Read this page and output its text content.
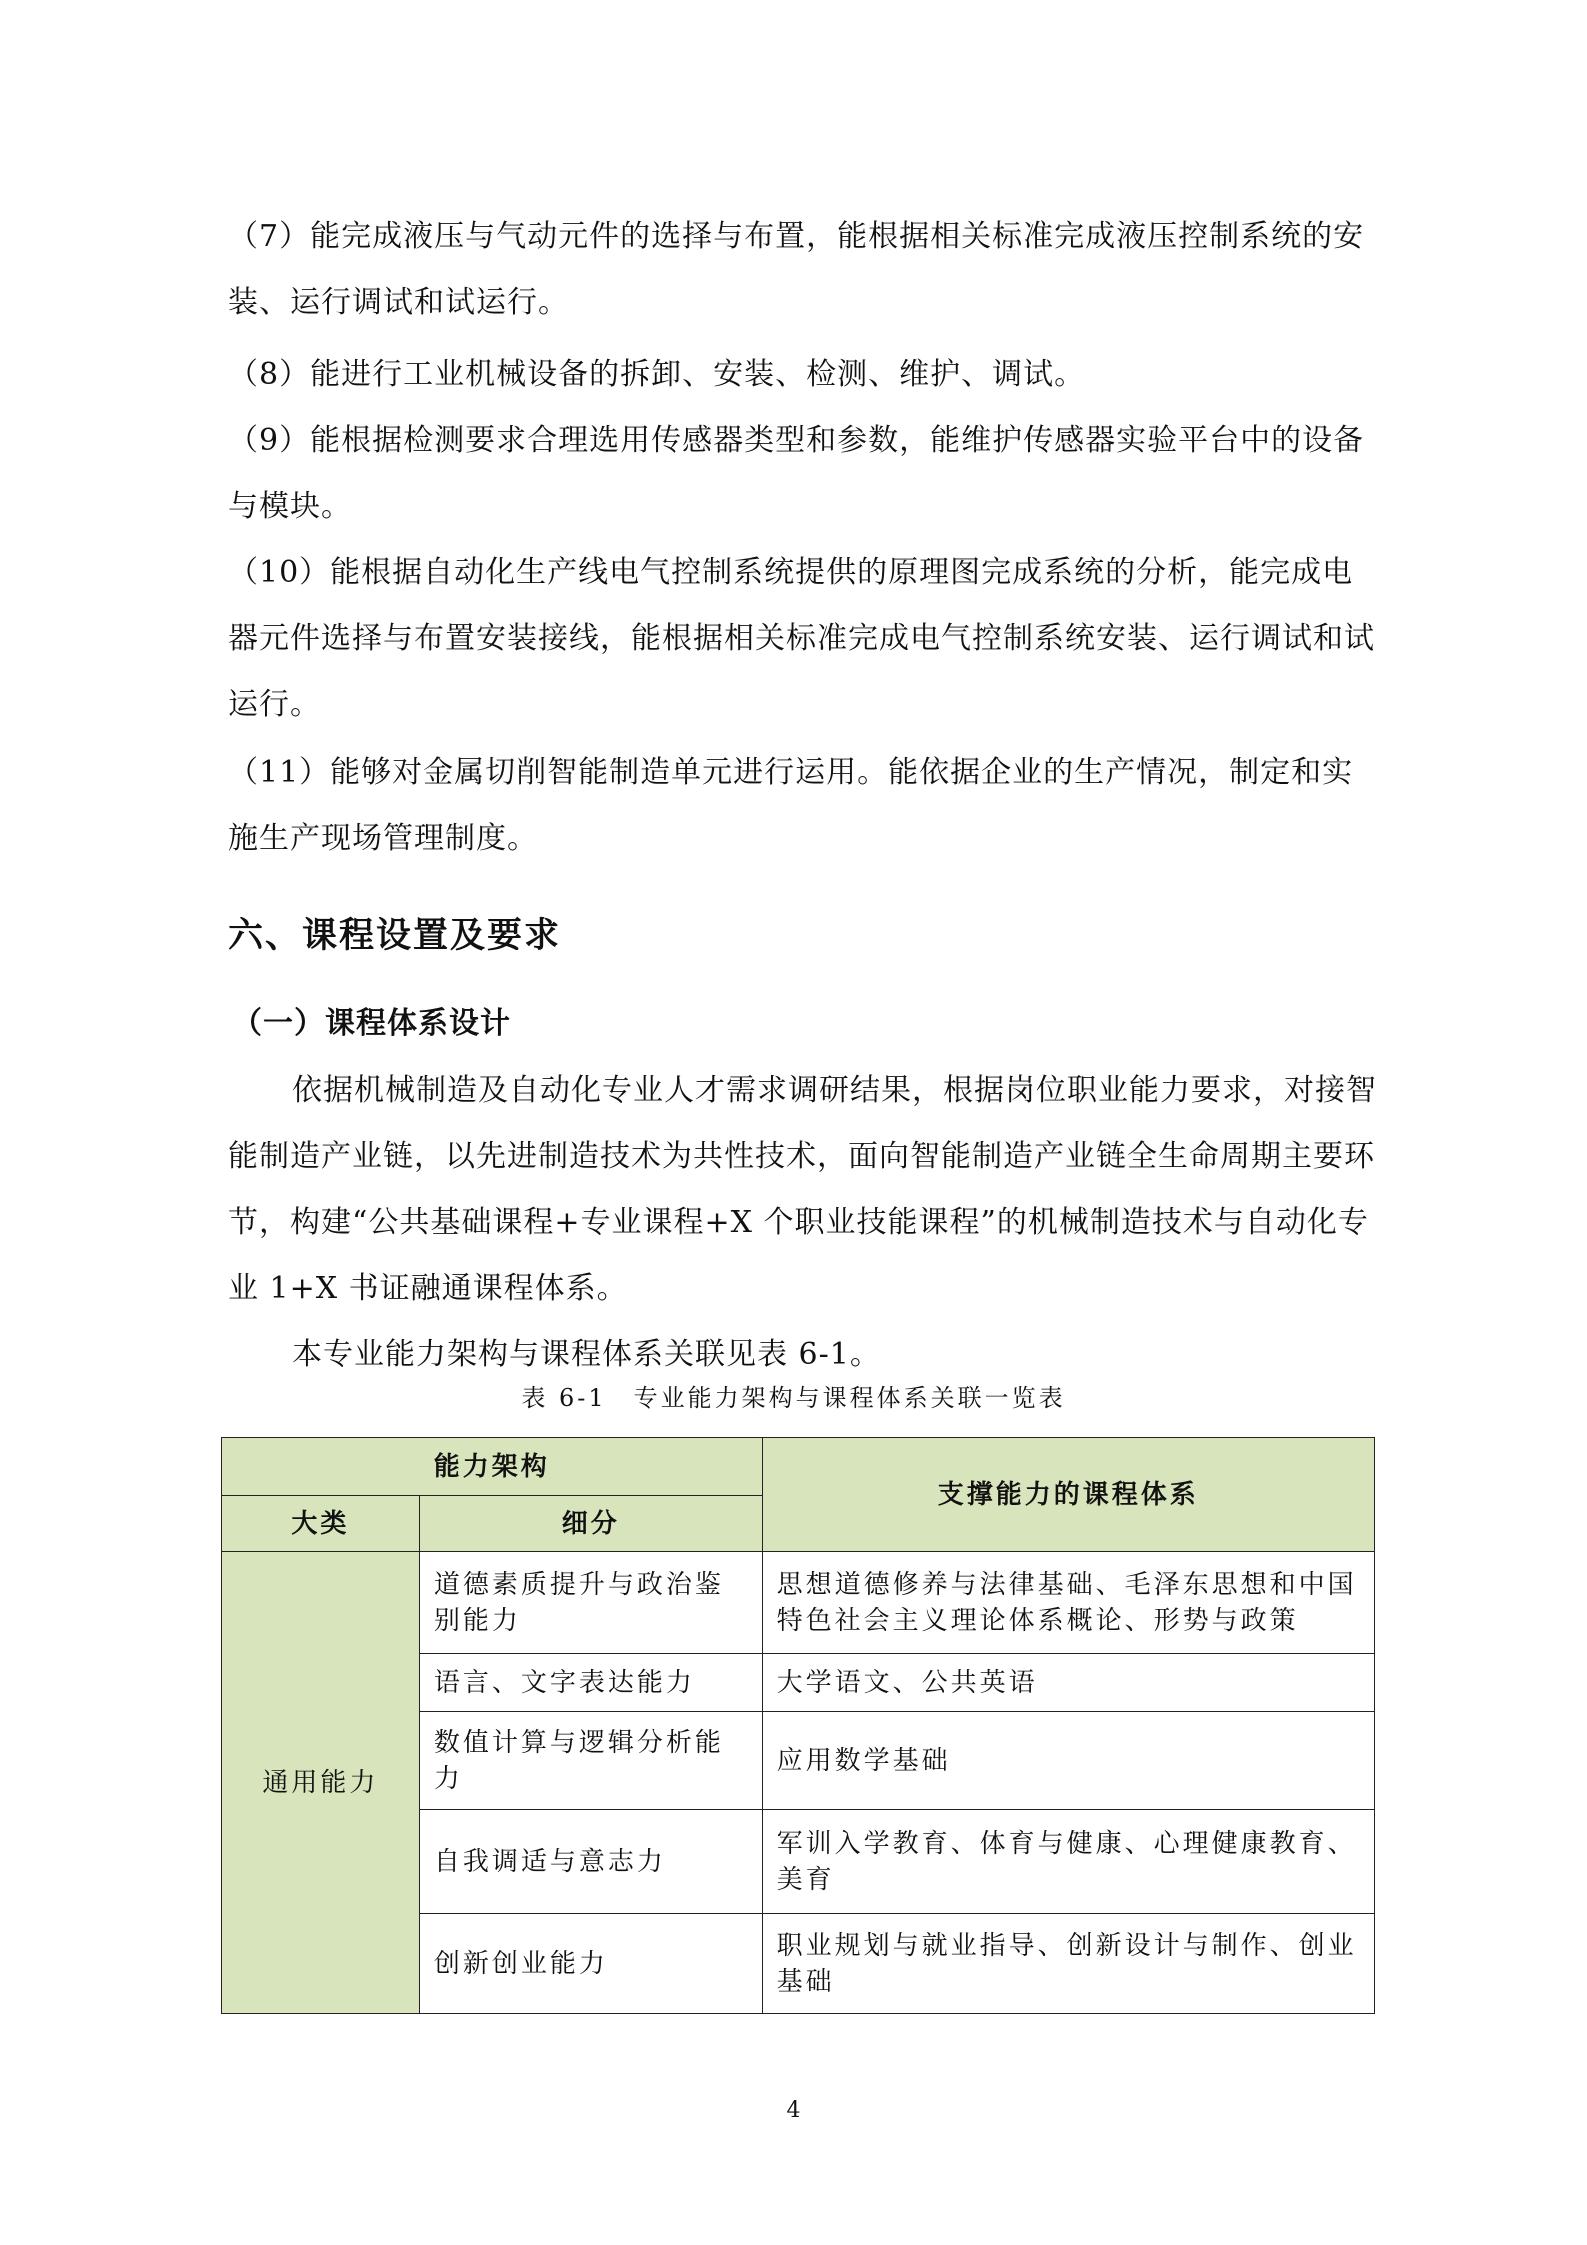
（7）能完成液压与气动元件的选择与布置，能根据相关标准完成液压控制系统的安装、运行调试和试运行。

（8）能进行工业机械设备的拆卸、安装、检测、维护、调试。

（9）能根据检测要求合理选用传感器类型和参数，能维护传感器实验平台中的设备与模块。

（10）能根据自动化生产线电气控制系统提供的原理图完成系统的分析，能完成电器元件选择与布置安装接线，能根据相关标准完成电气控制系统安装、运行调试和试运行。

（11）能够对金属切削智能制造单元进行运用。能依据企业的生产情况，制定和实施生产现场管理制度。

六、课程设置及要求
（一）课程体系设计

依据机械制造及自动化专业人才需求调研结果，根据岗位职业能力要求，对接智能制造产业链，以先进制造技术为共性技术，面向智能制造产业链全生命周期主要环节，构建“公共基础课程+专业课程+X 个职业技能课程”的机械制造技术与自动化专业 1+X 书证融通课程体系。

本专业能力架构与课程体系关联见表 6-1。

表 6-1　专业能力架构与课程体系关联一览表
能力架构		支撑能力的课程体系
大类	细分	
通用能力	道德素质提升与政治鉴别能力	思想道德修养与法律基础、毛泽东思想和中国特色社会主义理论体系概论、形势与政策
	语言、文字表达能力	大学语文、公共英语
	数值计算与逻辑分析能力	应用数学基础
	自我调适与意志力	军训入学教育、体育与健康、心理健康教育、美育
	创新创业能力	职业规划与就业指导、创新设计与制作、创业基础
4
